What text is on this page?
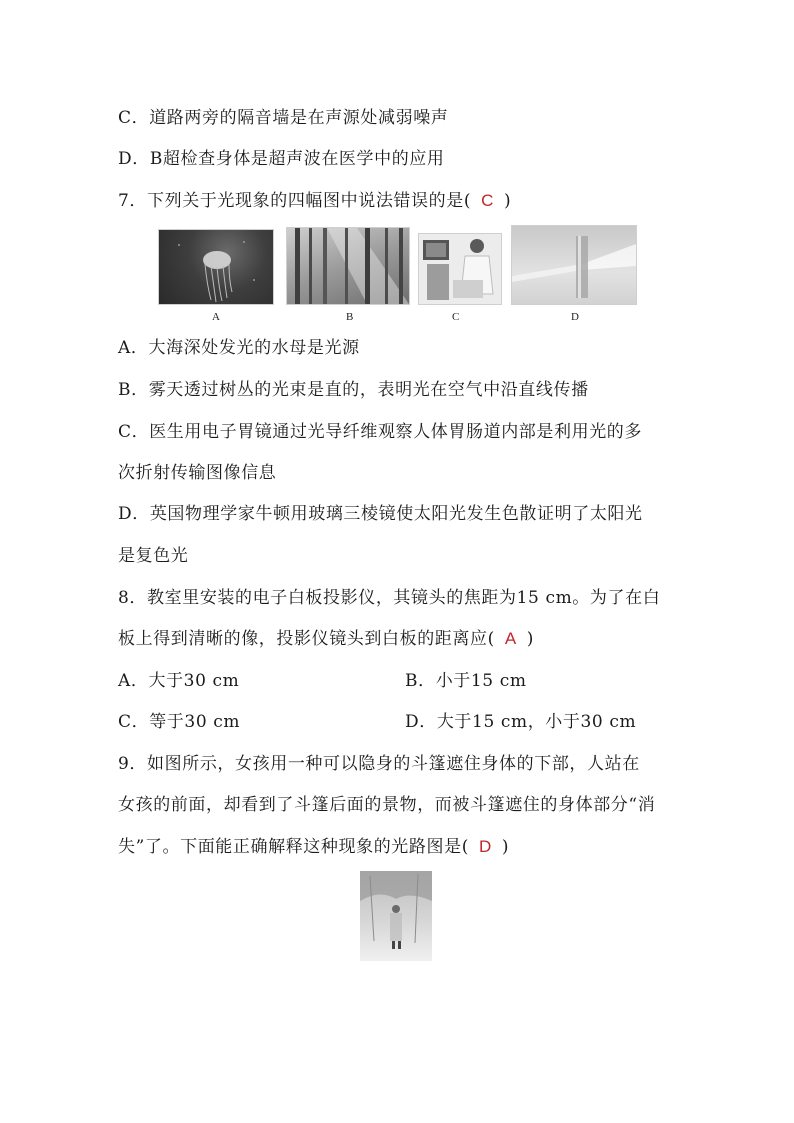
C．道路两旁的隔音墙是在声源处减弱噪声
D．B超检查身体是超声波在医学中的应用
7．下列关于光现象的四幅图中说法错误的是( C )
A	B	C	D
A．大海深处发光的水母是光源
B．雾天透过树丛的光束是直的，表明光在空气中沿直线传播
C．医生用电子胃镜通过光导纤维观察人体胃肠道内部是利用光的多
次折射传输图像信息
D．英国物理学家牛顿用玻璃三棱镜使太阳光发生色散证明了太阳光
是复色光
8．教室里安装的电子白板投影仪，其镜头的焦距为15 cm。为了在白
板上得到清晰的像，投影仪镜头到白板的距离应( A )
A．大于30 cm	B．小于15 cm
C．等于30 cm	D．大于15 cm，小于30 cm
9．如图所示，女孩用一种可以隐身的斗篷遮住身体的下部，人站在
女孩的前面，却看到了斗篷后面的景物，而被斗篷遮住的身体部分“消
失”了。下面能正确解释这种现象的光路图是( D )
